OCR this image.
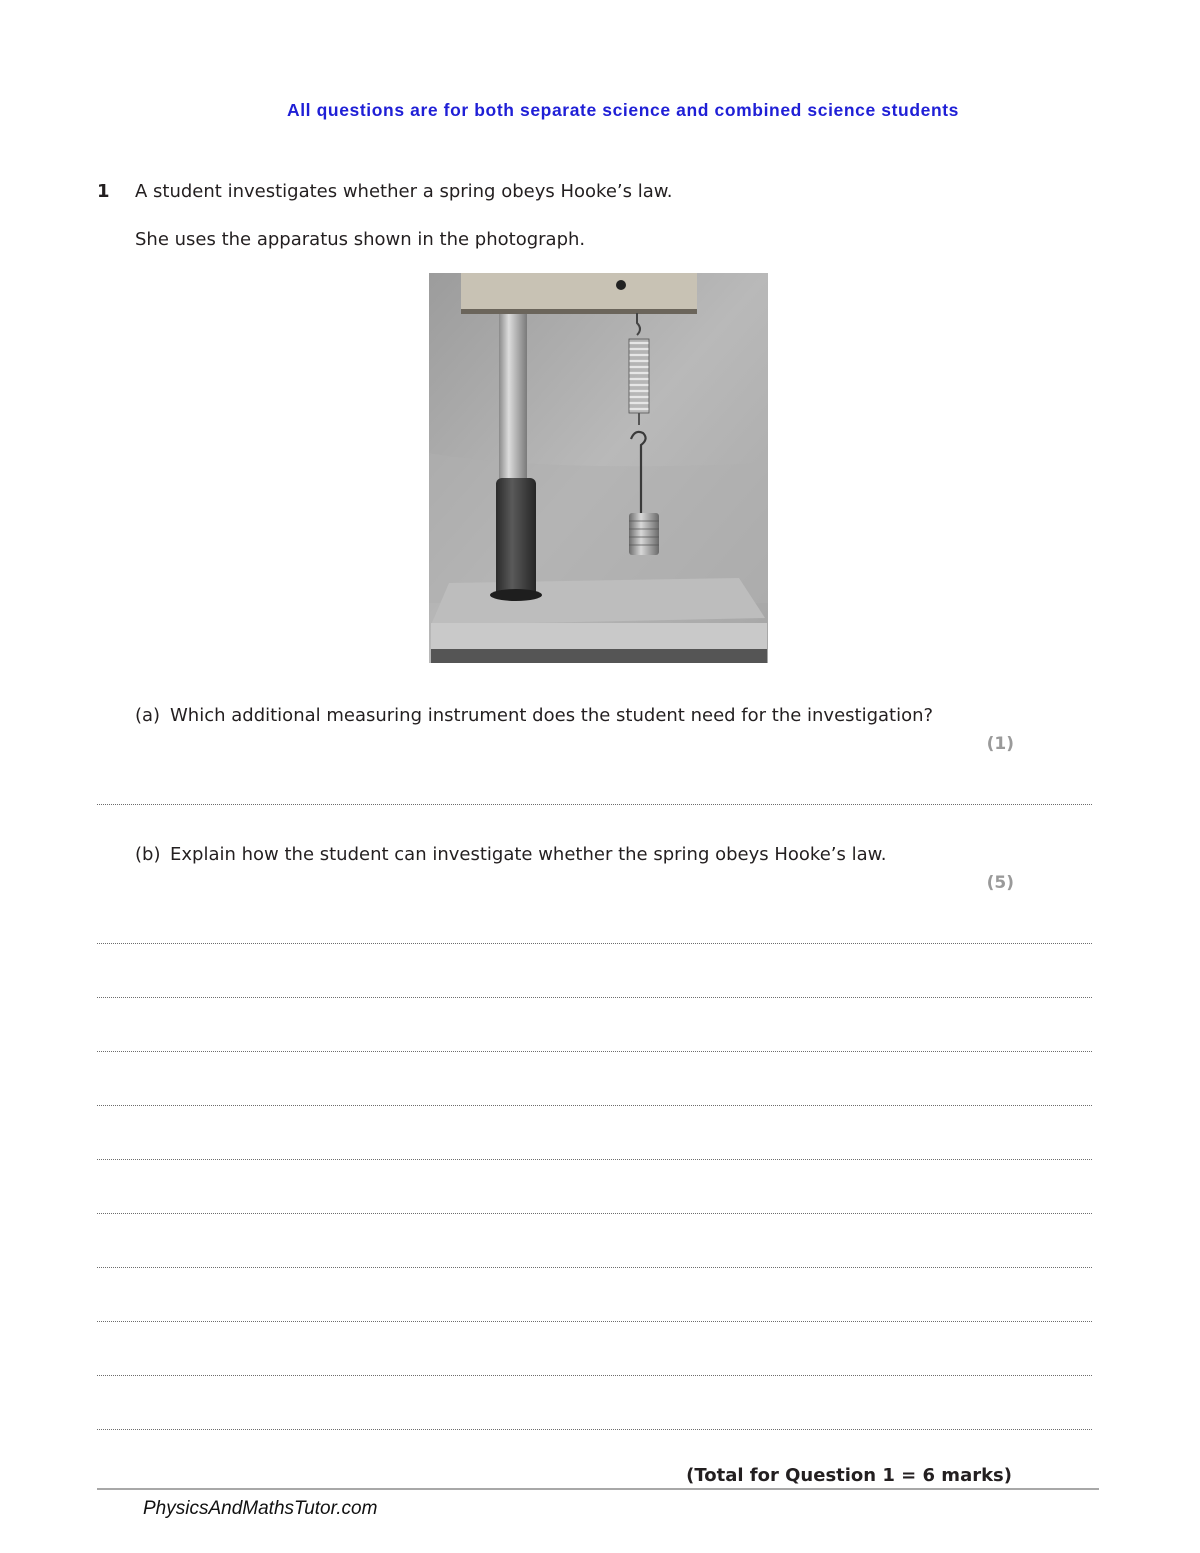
All questions are for both separate science and combined science students
1 A student investigates whether a spring obeys Hooke’s law.
She uses the apparatus shown in the photograph.
(a) Which additional measuring instrument does the student need for the investigation?
(1)
(b) Explain how the student can investigate whether the spring obeys Hooke’s law.
(5)
(Total for Question 1 = 6 marks)
PhysicsAndMathsTutor.com
